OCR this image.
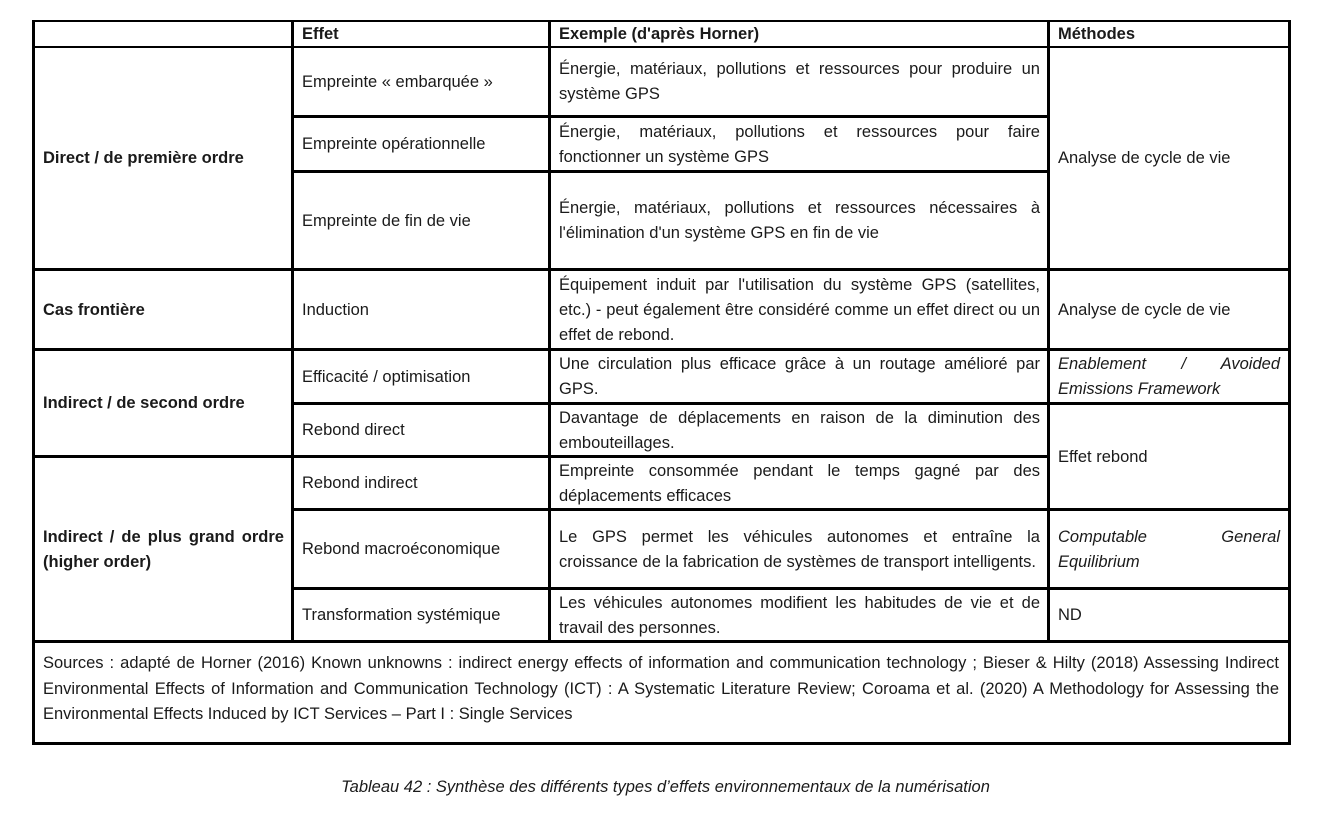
Effet	Exemple (d'après Horner)	Méthodes
Direct / de première ordre
Cas frontière
Indirect / de second ordre
Indirect / de plus grand ordre (higher order)
Empreinte « embarquée »
Empreinte opérationnelle
Empreinte de fin de vie
Induction
Efficacité / optimisation
Rebond direct
Rebond indirect
Rebond macroéconomique
Transformation systémique
Énergie, matériaux, pollutions et ressources pour produire un système GPS
Énergie, matériaux, pollutions et ressources pour faire fonctionner un système GPS
Énergie, matériaux, pollutions et ressources nécessaires à l'élimination d'un système GPS en fin de vie
Équipement induit par l'utilisation du système GPS (satellites, etc.) - peut également être considéré comme un effet direct ou un effet de rebond.
Une circulation plus efficace grâce à un routage amélioré par GPS.
Davantage de déplacements en raison de la diminution des embouteillages.
Empreinte consommée pendant le temps gagné par des déplacements efficaces
Le GPS permet les véhicules autonomes et entraîne la croissance de la fabrication de systèmes de transport intelligents.
Les véhicules autonomes modifient les habitudes de vie et de travail des personnes.
Analyse de cycle de vie
Analyse de cycle de vie
Enablement / Avoided Emissions Framework
Effet rebond
Computable General Equilibrium
ND
Sources : adapté de Horner (2016) Known unknowns : indirect energy effects of information and communication technology ; Bieser & Hilty (2018) Assessing Indirect Environmental Effects of Information and Communication Technology (ICT) : A Systematic Literature Review; Coroama et al. (2020) A Methodology for Assessing the Environmental Effects Induced by ICT Services – Part I : Single Services
Tableau 42 : Synthèse des différents types d’effets environnementaux de la numérisation
